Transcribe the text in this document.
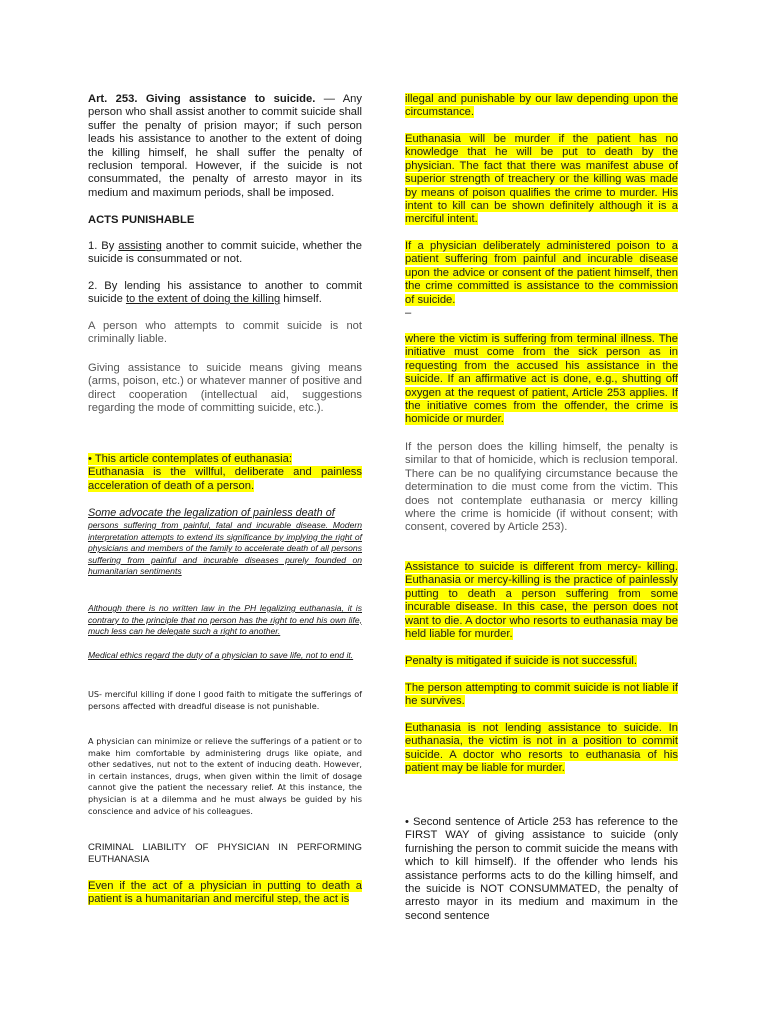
Art. 253. Giving assistance to suicide. — Any person who shall assist another to commit suicide shall suffer the penalty of prision mayor; if such person leads his assistance to another to the extent of doing the killing himself, he shall suffer the penalty of reclusion temporal. However, if the suicide is not consummated, the penalty of arresto mayor in its medium and maximum periods, shall be imposed.

ACTS PUNISHABLE

1. By assisting another to commit suicide, whether the suicide is consummated or not.

2. By lending his assistance to another to commit suicide to the extent of doing the killing himself.

A person who attempts to commit suicide is not criminally liable.

Giving assistance to suicide means giving means (arms, poison, etc.) or whatever manner of positive and direct cooperation (intellectual aid, suggestions regarding the mode of committing suicide, etc.).

• This article contemplates of euthanasia:
Euthanasia is the willful, deliberate and painless acceleration of death of a person.

Some advocate the legalization of painless death of

persons suffering from painful, fatal and incurable disease. Modern interpretation attempts to extend its significance by implying the right of physicians and members of the family to accelerate death of all persons suffering from painful and incurable diseases purely founded on humanitarian sentiments

Although there is no written law in the PH legalizing euthanasia, it is contrary to the principle that no person has the right to end his own life, much less can he delegate such a right to another.

Medical ethics regard the duty of a physician to save life, not to end it.

US- merciful killing if done I good faith to mitigate the sufferings of persons affected with dreadful disease is not punishable.

A physician can minimize or relieve the sufferings of a patient or to make him comfortable by administering drugs like opiate, and other sedatives, nut not to the extent of inducing death. However, in certain instances, drugs, when given within the limit of dosage cannot give the patient the necessary relief. At this instance, the physician is at a dilemma and he must always be guided by his conscience and advice of his colleagues.

CRIMINAL LIABILITY OF PHYSICIAN IN PERFORMING EUTHANASIA

Even if the act of a physician in putting to death a patient is a humanitarian and merciful step, the act is

illegal and punishable by our law depending upon the circumstance.

Euthanasia will be murder if the patient has no knowledge that he will be put to death by the physician. The fact that there was manifest abuse of superior strength of treachery or the killing was made by means of poison qualifies the crime to murder. His intent to kill can be shown definitely although it is a merciful intent.

If a physician deliberately administered poison to a patient suffering from painful and incurable disease upon the advice or consent of the patient himself, then the crime committed is assistance to the commission of suicide.
–

where the victim is suffering from terminal illness. The initiative must come from the sick person as in requesting from the accused his assistance in the suicide. If an affirmative act is done, e.g., shutting off oxygen at the request of patient, Article 253 applies. If the initiative comes from the offender, the crime is homicide or murder.

If the person does the killing himself, the penalty is similar to that of homicide, which is reclusion temporal. There can be no qualifying circumstance because the determination to die must come from the victim. This does not contemplate euthanasia or mercy killing where the crime is homicide (if without consent; with consent, covered by Article 253).

Assistance to suicide is different from mercy- killing. Euthanasia or mercy-killing is the practice of painlessly putting to death a person suffering from some incurable disease. In this case, the person does not want to die. A doctor who resorts to euthanasia may be held liable for murder.

Penalty is mitigated if suicide is not successful.

The person attempting to commit suicide is not liable if he survives.

Euthanasia is not lending assistance to suicide. In euthanasia, the victim is not in a position to commit suicide. A doctor who resorts to euthanasia of his patient may be liable for murder.

• Second sentence of Article 253 has reference to the FIRST WAY of giving assistance to suicide (only furnishing the person to commit suicide the means with which to kill himself). If the offender who lends his assistance performs acts to do the killing himself, and the suicide is NOT CONSUMMATED, the penalty of arresto mayor in its medium and maximum in the second sentence
